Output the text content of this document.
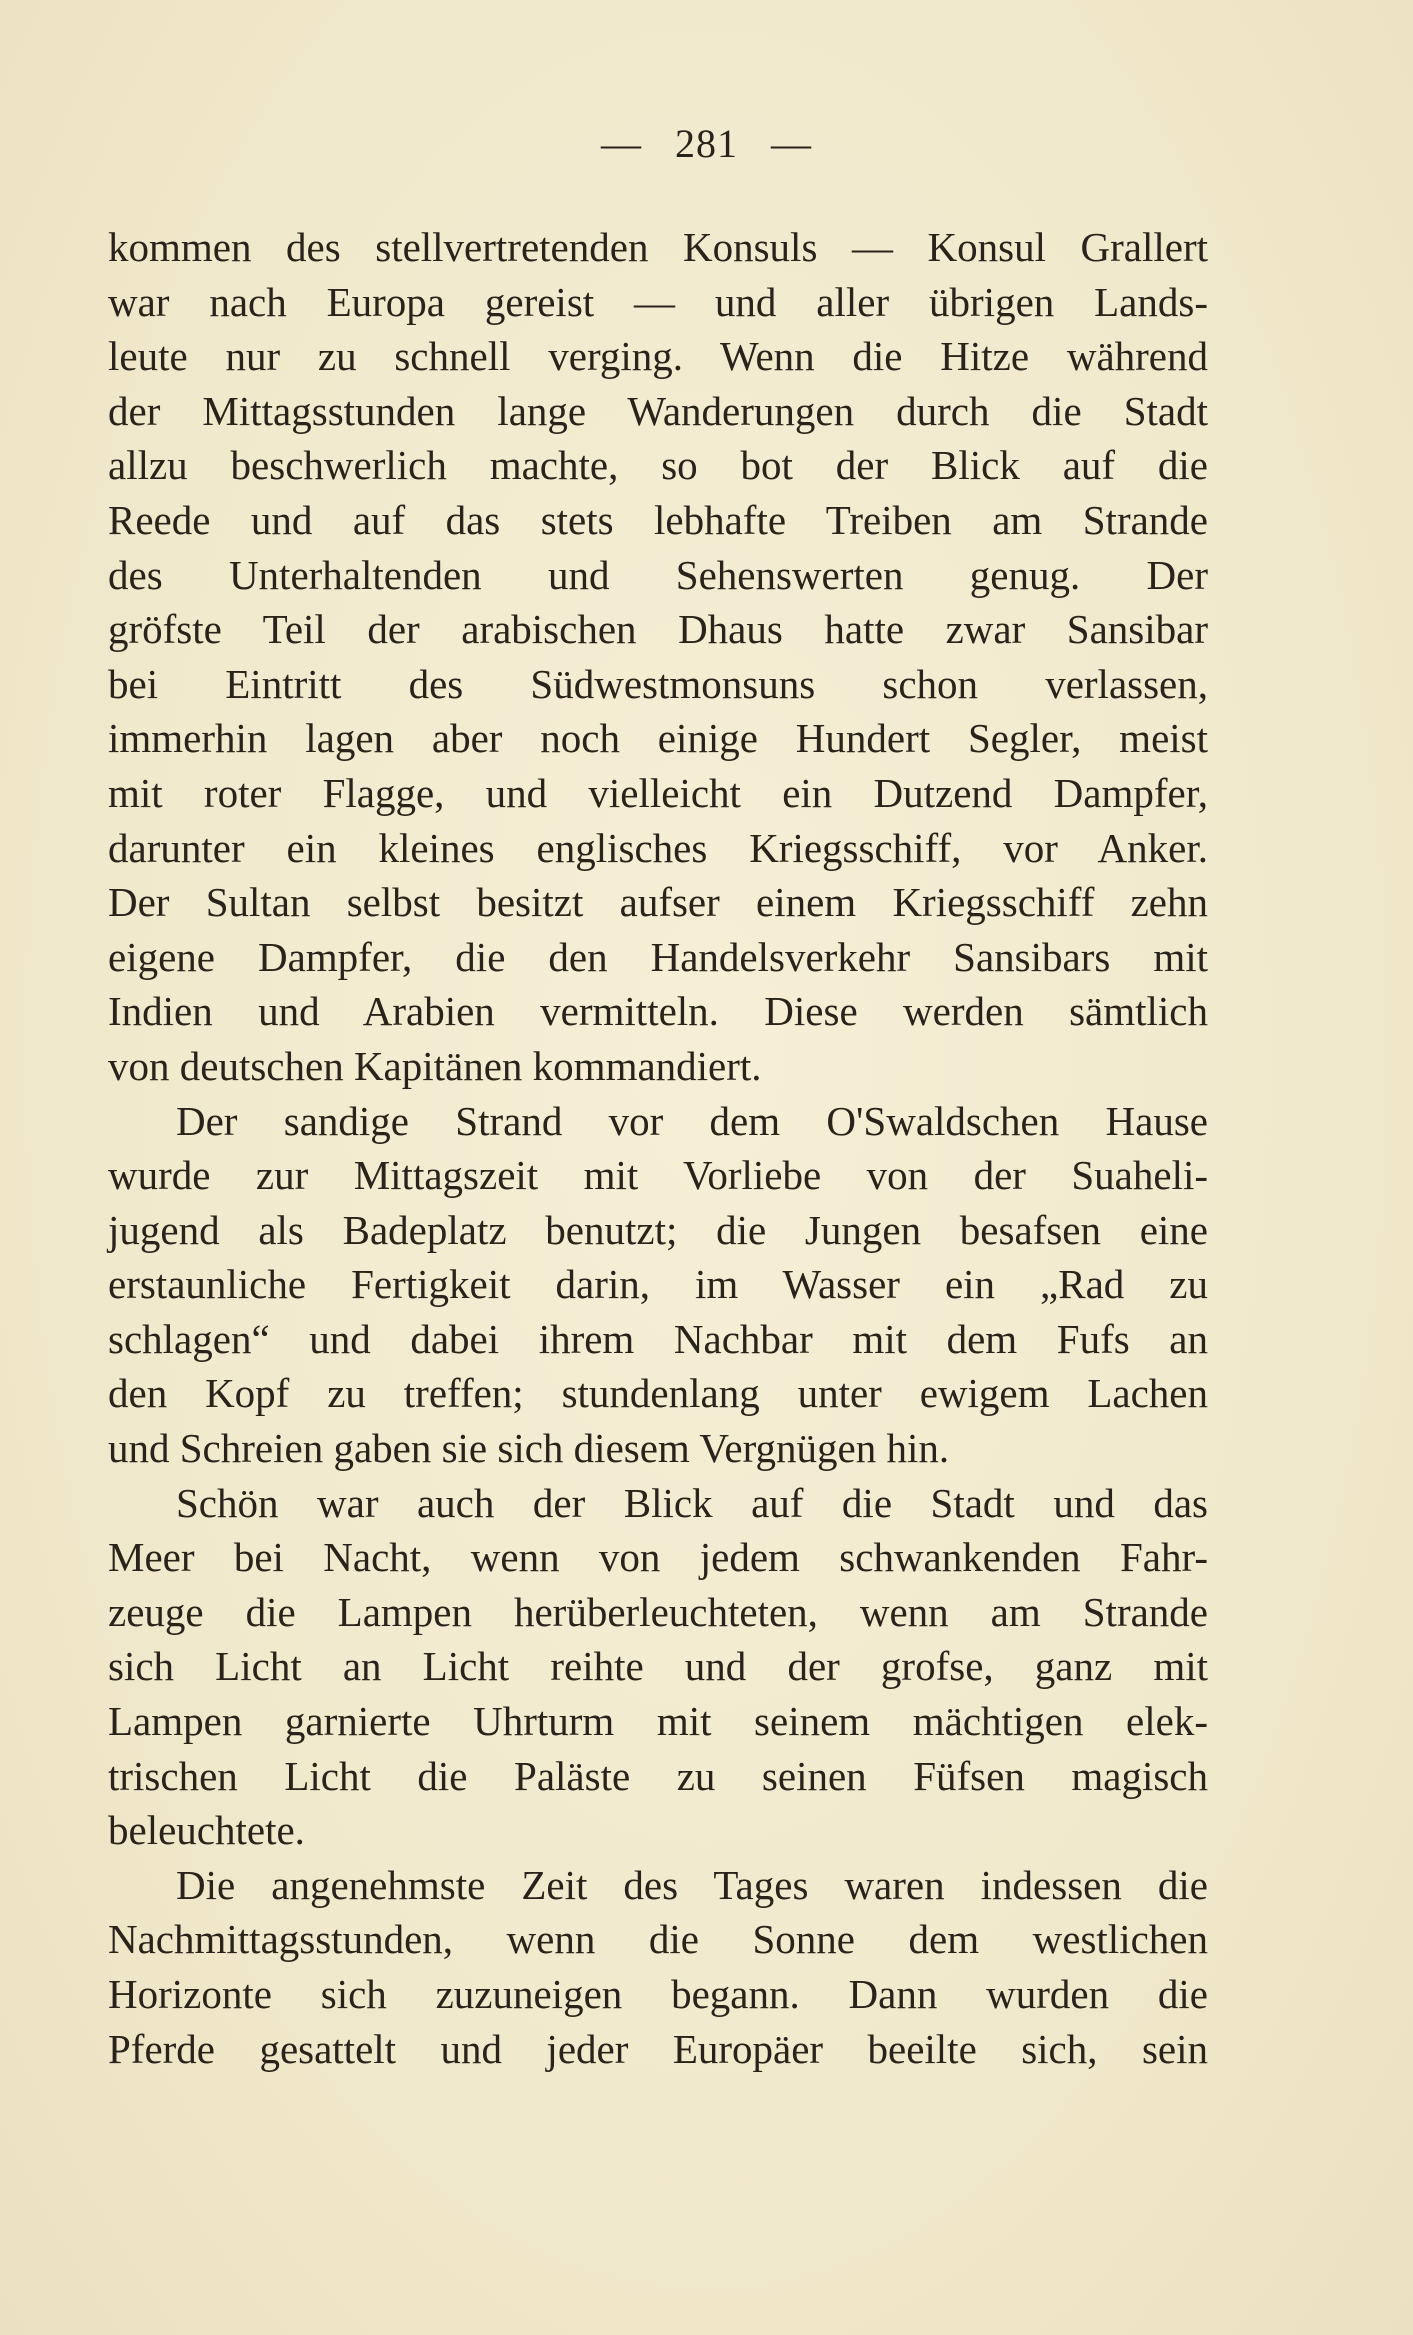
— 281 —
kommen des stellvertretenden Konsuls — Konsul Grallert
war nach Europa gereist — und aller übrigen Lands-
leute nur zu schnell verging. Wenn die Hitze während
der Mittagsstunden lange Wanderungen durch die Stadt
allzu beschwerlich machte, so bot der Blick auf die
Reede und auf das stets lebhafte Treiben am Strande
des Unterhaltenden und Sehenswerten genug. Der
gröfste Teil der arabischen Dhaus hatte zwar Sansibar
bei Eintritt des Südwestmonsuns schon verlassen,
immerhin lagen aber noch einige Hundert Segler, meist
mit roter Flagge, und vielleicht ein Dutzend Dampfer,
darunter ein kleines englisches Kriegsschiff, vor Anker.
Der Sultan selbst besitzt aufser einem Kriegsschiff zehn
eigene Dampfer, die den Handelsverkehr Sansibars mit
Indien und Arabien vermitteln. Diese werden sämtlich
von deutschen Kapitänen kommandiert.
Der sandige Strand vor dem O'Swaldschen Hause
wurde zur Mittagszeit mit Vorliebe von der Suaheli-
jugend als Badeplatz benutzt; die Jungen besafsen eine
erstaunliche Fertigkeit darin, im Wasser ein „Rad zu
schlagen“ und dabei ihrem Nachbar mit dem Fufs an
den Kopf zu treffen; stundenlang unter ewigem Lachen
und Schreien gaben sie sich diesem Vergnügen hin.
Schön war auch der Blick auf die Stadt und das
Meer bei Nacht, wenn von jedem schwankenden Fahr-
zeuge die Lampen herüberleuchteten, wenn am Strande
sich Licht an Licht reihte und der grofse, ganz mit
Lampen garnierte Uhrturm mit seinem mächtigen elek-
trischen Licht die Paläste zu seinen Füfsen magisch
beleuchtete.
Die angenehmste Zeit des Tages waren indessen die
Nachmittagsstunden, wenn die Sonne dem westlichen
Horizonte sich zuzuneigen begann. Dann wurden die
Pferde gesattelt und jeder Europäer beeilte sich, sein
